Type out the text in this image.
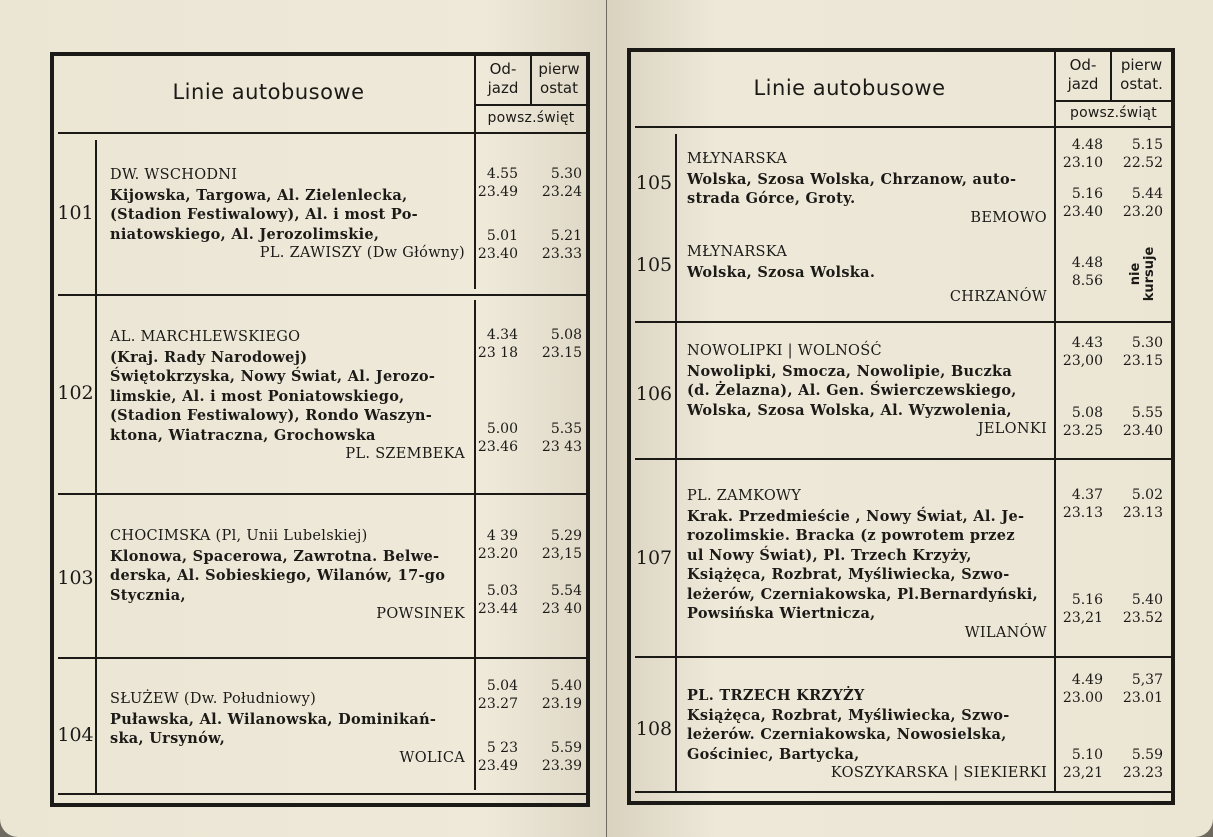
Linie autobusowe
Od-
jazd
pierw
ostat
powsz.święt
101
DW. WSCHODNI
Kijowska, Targowa, Al. Zielenlecka,
(Stadion Festiwalowy), Al. i most Po-
niatowskiego, Al. Jerozolimskie,
PL. ZAWISZY (Dw Główny)
4.55
23.49
5.30
23.24
5.01
23.40
5.21
23.33
102
AL. MARCHLEWSKIEGO
(Kraj. Rady Narodowej)
Świętokrzyska, Nowy Świat, Al. Jerozo-
limskie, Al. i most Poniatowskiego,
(Stadion Festiwalowy), Rondo Waszyn-
ktona, Wiatraczna, Grochowska
PL. SZEMBEKA
4.34
23 18
5.08
23.15
5.00
23.46
5.35
23 43
103
CHOCIMSKA (Pl, Unii Lubelskiej)
Klonowa, Spacerowa, Zawrotna. Belwe-
derska, Al. Sobieskiego, Wilanów, 17-go
Stycznia,
POWSINEK
4 39
23.20
5.29
23,15
5.03
23.44
5.54
23 40
104
SŁUŻEW (Dw. Południowy)
Puławska, Al. Wilanowska, Dominikań-
ska, Ursynów,
WOLICA
5.04
23.27
5.40
23.19
5 23
23.49
5.59
23.39
Linie autobusowe
Od-
jazd
pierw
ostat.
powsz.świąt
105
MŁYNARSKA
Wolska, Szosa Wolska, Chrzanow, auto-
strada Górce, Groty.
BEMOWO
4.48
23.10
5.15
22.52
5.16
23.40
5.44
23.20
105
MŁYNARSKA
Wolska, Szosa Wolska.
CHRZANÓW
4.48
8.56 nie
kursuje
106
NOWOLIPKI | WOLNOŚĆ
Nowolipki, Smocza, Nowolipie, Buczka
(d. Żelazna), Al. Gen. Świerczewskiego,
Wolska, Szosa Wolska, Al. Wyzwolenia,
JELONKI
4.43
23,00
5.30
23.15
5.08
23.25
5.55
23.40
107
PL. ZAMKOWY
Krak. Przedmieście , Nowy Świat, Al. Je-
rozolimskie. Bracka (z powrotem przez
ul Nowy Świat), Pl. Trzech Krzyży,
Książęca, Rozbrat, Myśliwiecka, Szwo-
leżerów, Czerniakowska, Pl.Bernardyński,
Powsińska Wiertnicza,
WILANÓW
4.37
23.13
5.02
23.13
5.16
23,21
5.40
23.52
108
PL. TRZECH KRZYŻY
Książęca, Rozbrat, Myśliwiecka, Szwo-
leżerów. Czerniakowska, Nowosielska,
Gościniec, Bartycka,
KOSZYKARSKA | SIEKIERKI
4.49
23.00
5,37
23.01
5.10
23,21
5.59
23.23
